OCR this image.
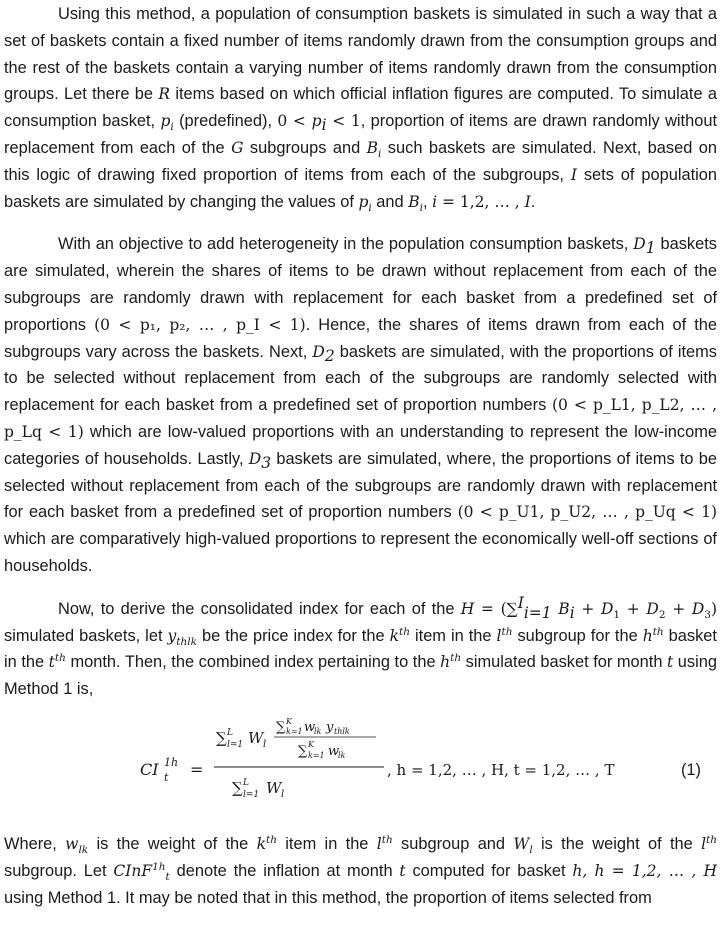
Using this method, a population of consumption baskets is simulated in such a way that a set of baskets contain a fixed number of items randomly drawn from the consumption groups and the rest of the baskets contain a varying number of items randomly drawn from the consumption groups. Let there be R items based on which official inflation figures are computed. To simulate a consumption basket, $p_i$ (predefined), $0 < p_i < 1$, proportion of items are drawn randomly without replacement from each of the G subgroups and $B_i$ such baskets are simulated. Next, based on this logic of drawing fixed proportion of items from each of the subgroups, I sets of population baskets are simulated by changing the values of $p_i$ and $B_i$, i = 1,2, … , I.

With an objective to add heterogeneity in the population consumption baskets, $D_1$ baskets are simulated, wherein the shares of items to be drawn without replacement from each of the subgroups are randomly drawn with replacement for each basket from a predefined set of proportions (0 < p₁, p₂, … , p_I < 1). Hence, the shares of items drawn from each of the subgroups vary across the baskets. Next, $D_2$ baskets are simulated, with the proportions of items to be selected without replacement from each of the subgroups are randomly selected with replacement for each basket from a predefined set of proportion numbers (0 < p_L1, p_L2, … , p_Lq < 1) which are low-valued proportions with an understanding to represent the low-income categories of households. Lastly, $D_3$ baskets are simulated, where, the proportions of items to be selected without replacement from each of the subgroups are randomly drawn with replacement for each basket from a predefined set of proportion numbers (0 < p_U1, p_U2, … , p_Uq < 1) which are comparatively high-valued proportions to represent the economically well-off sections of households.

Now, to derive the consolidated index for each of the H = (∑$^I_{i=1}$ $B_i + D_1 + D_2 + D_3$) simulated baskets, let $y_{thlk}$ be the price index for the $k^{th}$ item in the $l^{th}$ subgroup for the $h^{th}$ basket in the $t^{th}$ month. Then, the combined index pertaining to the $h^{th}$ simulated basket for month t using Method 1 is,

CI 1h
t =
∑ L
l=1 W l
∑ K
k=1 w
lk y thlk
∑ K
k=1 w
lk
∑ L
l=1 W l
, h = 1,2, … , H, t = 1,2, … , T	(1)

Where, $w_{lk}$ is the weight of the $k^{th}$ item in the $l^{th}$ subgroup and $W_l$ is the weight of the $l^{th}$ subgroup. Let CInF$^{1h}_t$ denote the inflation at month t computed for basket h, h = 1,2, … , H using Method 1. It may be noted that in this method, the proportion of items selected from
